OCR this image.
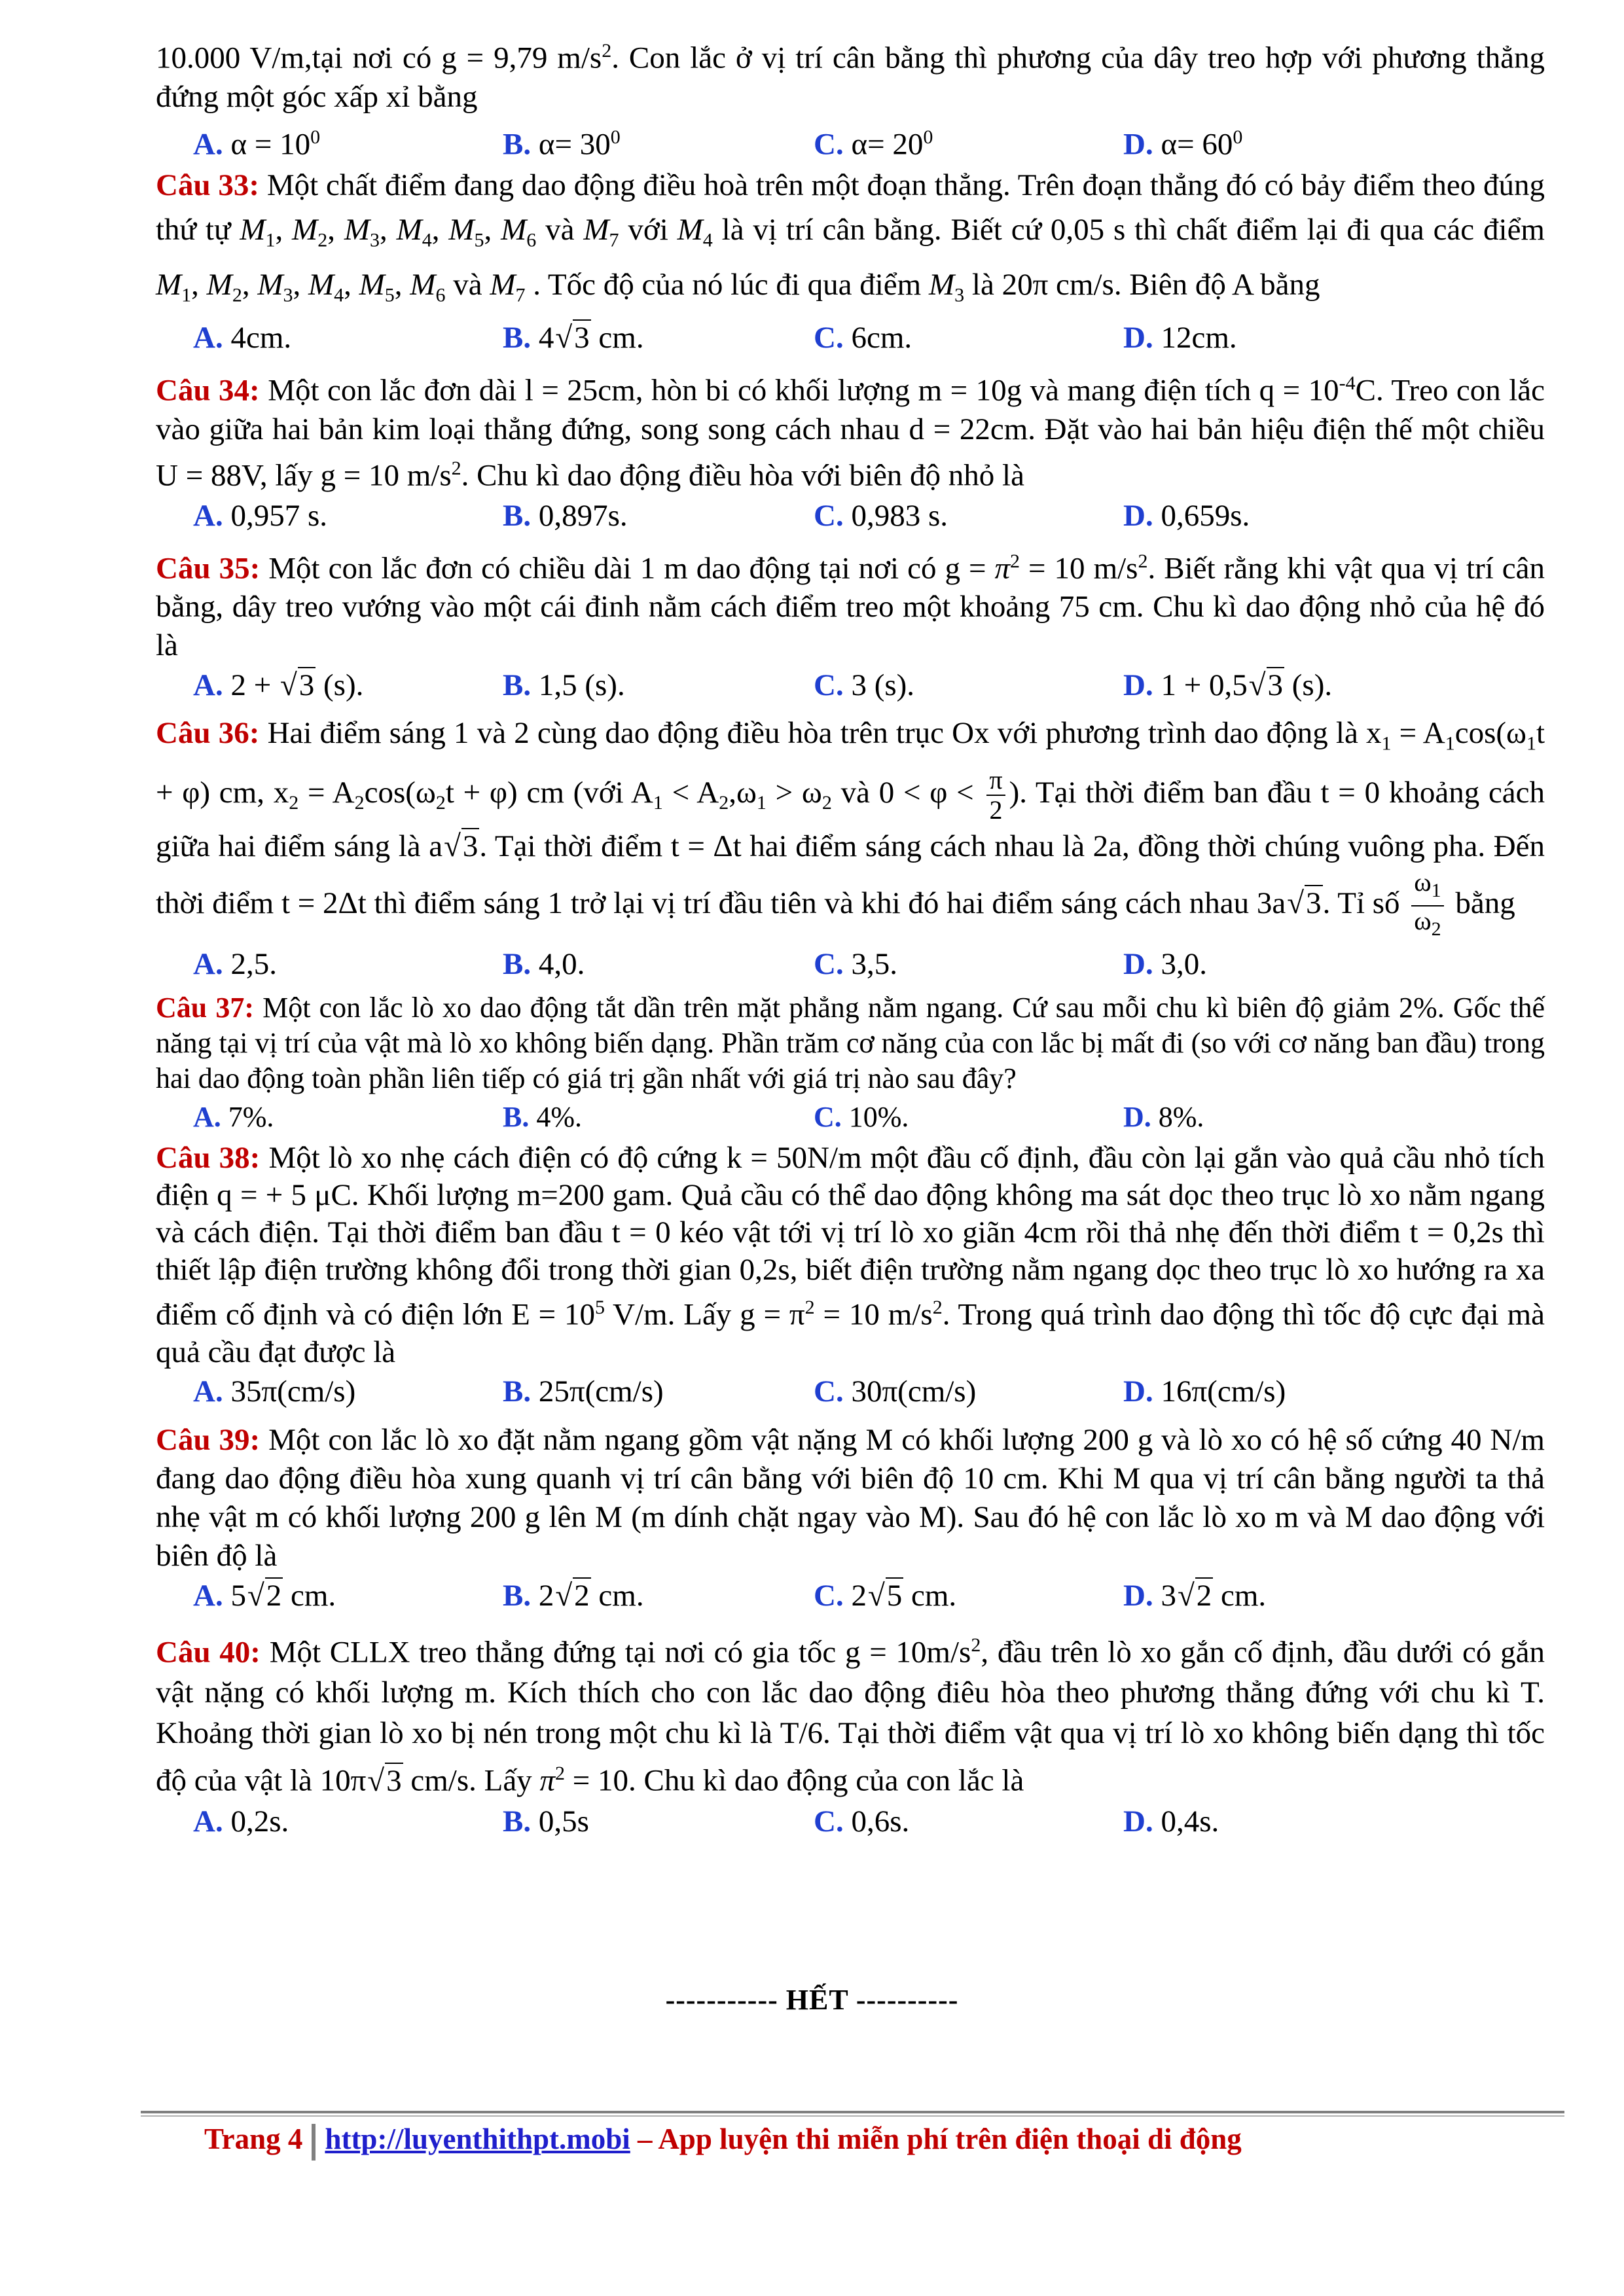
10.000 V/m,tại nơi có g = 9,79 $m/s^2$. Con lắc ở vị trí cân bằng thì phương của dây treo hợp với phương thẳng đứng một góc xấp xỉ bằng

A. $\alpha = 10^0$	B. $\alpha= 30^0$	C. $\alpha= 20^0$	D. $\alpha= 60^0$

Câu 33: Một chất điểm đang dao động điều hoà trên một đoạn thẳng. Trên đoạn thẳng đó có bảy điểm theo đúng thứ tự $M_1$, $M_2$, $M_3$, $M_4$, $M_5$, $M_6$ và $M_7$ với $M_4$ là vị trí cân bằng. Biết cứ 0,05 s thì chất điểm lại đi qua các điểm $M_1$, $M_2$, $M_3$, $M_4$, $M_5$, $M_6$ và $M_7$ . Tốc độ của nó lúc đi qua điểm $M_3$ là 20π cm/s. Biên độ A bằng

A. 4cm.	B. 4√3 cm.	C. 6cm.	D. 12cm.

Câu 34: Một con lắc đơn dài l = 25cm, hòn bi có khối lượng m = 10g và mang điện tích $q = 10^{-4}C$. Treo con lắc vào giữa hai bản kim loại thẳng đứng, song song cách nhau d = 22cm. Đặt vào hai bản hiệu điện thế một chiều U = 88V, lấy g = 10 $m/s^2$. Chu kì dao động điều hòa với biên độ nhỏ là

A. 0,957 s.	B. 0,897s.	C. 0,983 s.	D. 0,659s.

Câu 35: Một con lắc đơn có chiều dài 1 m dao động tại nơi có $g = \pi^2 = 10$ $m/s^2$. Biết rằng khi vật qua vị trí cân bằng, dây treo vướng vào một cái đinh nằm cách điểm treo một khoảng 75 cm. Chu kì dao động nhỏ của hệ đó là

A. 2 + √3 (s).	B. 1,5 (s).	C. 3 (s).	D. 1 + 0,5√3 (s).

Câu 36: Hai điểm sáng 1 và 2 cùng dao động điều hòa trên trục Ox với phương trình dao động là $x_1 = A_1\cos(\omega_1t + \varphi)$ cm, $x_2 = A_2\cos(\omega_2t + \varphi)$ cm (với $A_1 < A_2,\omega_1 > \omega_2$ và $0 < \varphi < \frac{\pi}{2}$ ). Tại thời điểm ban đầu t = 0 khoảng cách giữa hai điểm sáng là a√3. Tại thời điểm t = Δt hai điểm sáng cách nhau là 2a, đồng thời chúng vuông pha. Đến thời điểm t = 2Δt thì điểm sáng 1 trở lại vị trí đầu tiên và khi đó hai điểm sáng cách nhau 3a√3. Tỉ số $\frac{\omega_1}{\omega_2}$ bằng

A. 2,5.	B. 4,0.	C. 3,5.	D. 3,0.

Câu 37: Một con lắc lò xo dao động tắt dần trên mặt phẳng nằm ngang. Cứ sau mỗi chu kì biên độ giảm 2%. Gốc thế năng tại vị trí của vật mà lò xo không biến dạng. Phần trăm cơ năng của con lắc bị mất đi (so với cơ năng ban đầu) trong hai dao động toàn phần liên tiếp có giá trị gần nhất với giá trị nào sau đây?

A. 7%.	B. 4%.	C. 10%.	D. 8%.

Câu 38: Một lò xo nhẹ cách điện có độ cứng k = 50N/m một đầu cố định, đầu còn lại gắn vào quả cầu nhỏ tích điện q = + 5 μC. Khối lượng m=200 gam. Quả cầu có thể dao động không ma sát dọc theo trục lò xo nằm ngang và cách điện. Tại thời điểm ban đầu t = 0 kéo vật tới vị trí lò xo giãn 4cm rồi thả nhẹ đến thời điểm t = 0,2s thì thiết lập điện trường không đổi trong thời gian 0,2s, biết điện trường nằm ngang dọc theo trục lò xo hướng ra xa điểm cố định và có điện lớn $E = 10^5$ V/m. Lấy $g = \pi^2 = 10$ $m/s^2$. Trong quá trình dao động thì tốc độ cực đại mà quả cầu đạt được là

A. 35π(cm/s)	B. 25π(cm/s)	C. 30π(cm/s)	D. 16π(cm/s)

Câu 39: Một con lắc lò xo đặt nằm ngang gồm vật nặng M có khối lượng 200 g và lò xo có hệ số cứng 40 N/m đang dao động điều hòa xung quanh vị trí cân bằng với biên độ 10 cm. Khi M qua vị trí cân bằng người ta thả nhẹ vật m có khối lượng 200 g lên M (m dính chặt ngay vào M). Sau đó hệ con lắc lò xo m và M dao động với biên độ là

A. 5√2 cm.	B. 2√2 cm.	C. 2√5 cm.	D. 3√2 cm.

Câu 40: Một CLLX treo thẳng đứng tại nơi có gia tốc $g = 10m/s^2$, đầu trên lò xo gắn cố định, đầu dưới có gắn vật nặng có khối lượng m. Kích thích cho con lắc dao động điêu hòa theo phương thẳng đứng với chu kì T. Khoảng thời gian lò xo bị nén trong một chu kì là T/6. Tại thời điểm vật qua vị trí lò xo không biến dạng thì tốc độ của vật là 10π√3 cm/s. Lấy $\pi^2 = 10$. Chu kì dao động của con lắc là

A. 0,2s.	B. 0,5s	C. 0,6s.	D. 0,4s.
----------- HẾT ----------
Trang 4 http://luyenthithpt.mobi – App luyện thi miễn phí trên điện thoại di động
